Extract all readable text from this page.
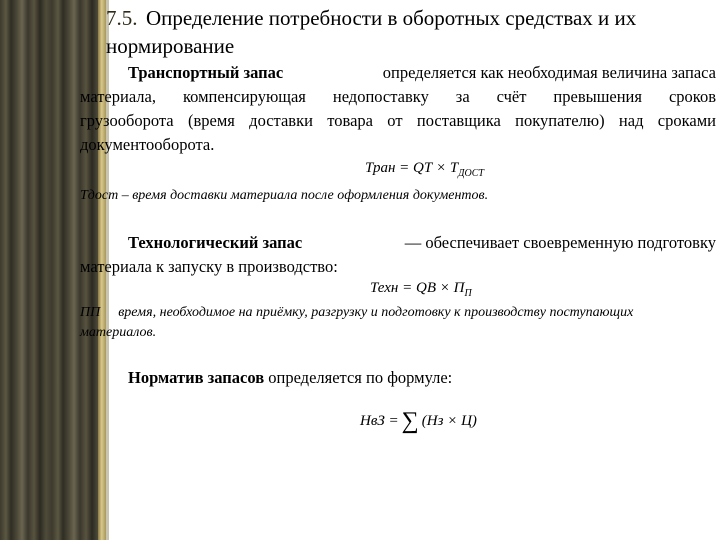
7.5. Определение потребности в оборотных средствах и их
нормирование
Транспортный запас	определяется как необходимая величина запаса
материала, компенсирующая недопоставку за счёт превышения сроков
грузооборота (время доставки товара от поставщика покупателю) над сроками
документооборота.
Тран = QТ × $T_{ДОСТ}$
Tдост – время доставки материала после оформления документов.
Технологический запас	— обеспечивает своевременную подготовку
материала к запуску в производство:
Техн = QВ × $П_П$
ПП время, необходимое на приёмку, разгрузку и подготовку к производству поступающих
материалов.
Норматив запасов определяется по формуле:
НвЗ = ∑ (Нз × Ц)
